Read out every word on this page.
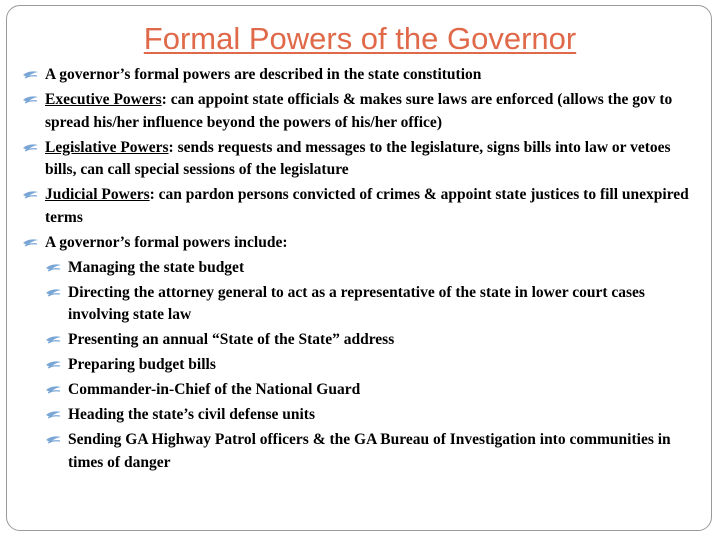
Formal Powers of the Governor

A governor’s formal powers are described in the state constitution

Executive Powers: can appoint state officials & makes sure laws are enforced (allows the gov to spread his/her influence beyond the powers of his/her office)

Legislative Powers: sends requests and messages to the legislature, signs bills into law or vetoes bills, can call special sessions of the legislature

Judicial Powers: can pardon persons convicted of crimes & appoint state justices to fill unexpired terms

A governor’s formal powers include:

Managing the state budget

Directing the attorney general to act as a representative of the state in lower court cases involving state law

Presenting an annual “State of the State” address

Preparing budget bills

Commander-in-Chief of the National Guard

Heading the state’s civil defense units

Sending GA Highway Patrol officers & the GA Bureau of Investigation into communities in times of danger
